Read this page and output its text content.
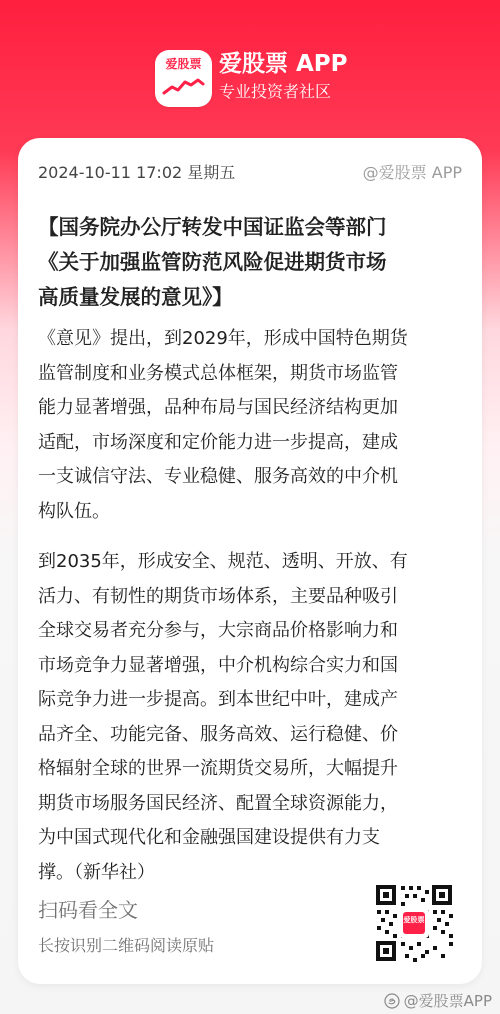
爱股票 爱股票 APP
专业投资者社区
2024-10-11 17:02 星期五	@爱股票 APP
【国务院办公厅转发中国证监会等部门
《关于加强监管防范风险促进期货市场
高质量发展的意见》】
《意见》提出，到2029年，形成中国特色期货
监管制度和业务模式总体框架，期货市场监管
能力显著增强，品种布局与国民经济结构更加
适配，市场深度和定价能力进一步提高，建成
一支诚信守法、专业稳健、服务高效的中介机
构队伍。
到2035年，形成安全、规范、透明、开放、有
活力、有韧性的期货市场体系，主要品种吸引
全球交易者充分参与，大宗商品价格影响力和
市场竞争力显著增强，中介机构综合实力和国
际竞争力进一步提高。到本世纪中叶，建成产
品齐全、功能完备、服务高效、运行稳健、价
格辐射全球的世界一流期货交易所，大幅提升
期货市场服务国民经济、配置全球资源能力，
为中国式现代化和金融强国建设提供有力支
撑。（新华社）
扫码看全文
长按识别二维码阅读原贴
爱股票
@爱股票APP
